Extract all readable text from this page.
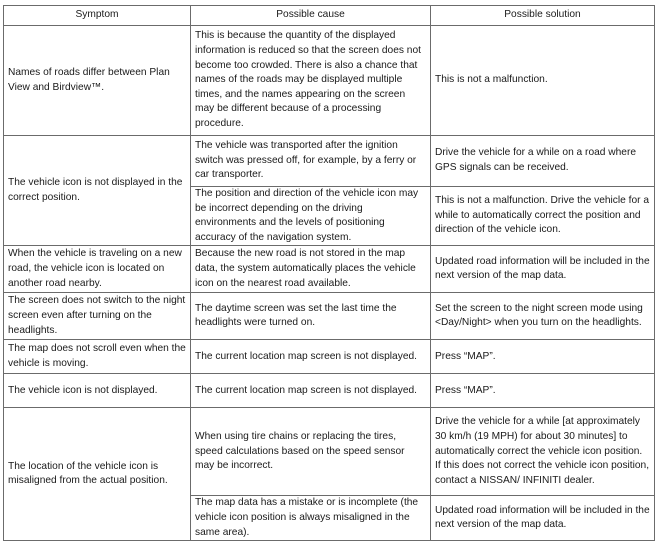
Symptom	Possible cause	Possible solution
Names of roads differ between Plan View and Birdview™.	This is because the quantity of the displayed information is reduced so that the screen does not become too crowded. There is also a chance that names of the roads may be displayed multiple times, and the names appearing on the screen may be different because of a processing procedure.	This is not a malfunction.
The vehicle icon is not displayed in the correct position.	The vehicle was transported after the ignition switch was pressed off, for example, by a ferry or car transporter.	Drive the vehicle for a while on a road where GPS signals can be received.
	The position and direction of the vehicle icon may be incorrect depending on the driving environments and the levels of positioning accuracy of the navigation system.	This is not a malfunction. Drive the vehicle for a while to automatically correct the position and direction of the vehicle icon.
When the vehicle is traveling on a new road, the vehicle icon is located on another road nearby.	Because the new road is not stored in the map data, the system automatically places the vehicle icon on the nearest road available.	Updated road information will be included in the next version of the map data.
The screen does not switch to the night screen even after turning on the headlights.	The daytime screen was set the last time the headlights were turned on.	Set the screen to the night screen mode using <Day/Night> when you turn on the headlights.
The map does not scroll even when the vehicle is moving.	The current location map screen is not displayed.	Press “MAP”.
The vehicle icon is not displayed.	The current location map screen is not displayed.	Press “MAP”.
The location of the vehicle icon is misaligned from the actual position.	When using tire chains or replacing the tires, speed calculations based on the speed sensor may be incorrect.	Drive the vehicle for a while [at approximately 30 km/h (19 MPH) for about 30 minutes] to automatically correct the vehicle icon position. If this does not correct the vehicle icon position, contact a NISSAN/ INFINITI dealer.
	The map data has a mistake or is incomplete (the vehicle icon position is always misaligned in the same area).	Updated road information will be included in the next version of the map data.
